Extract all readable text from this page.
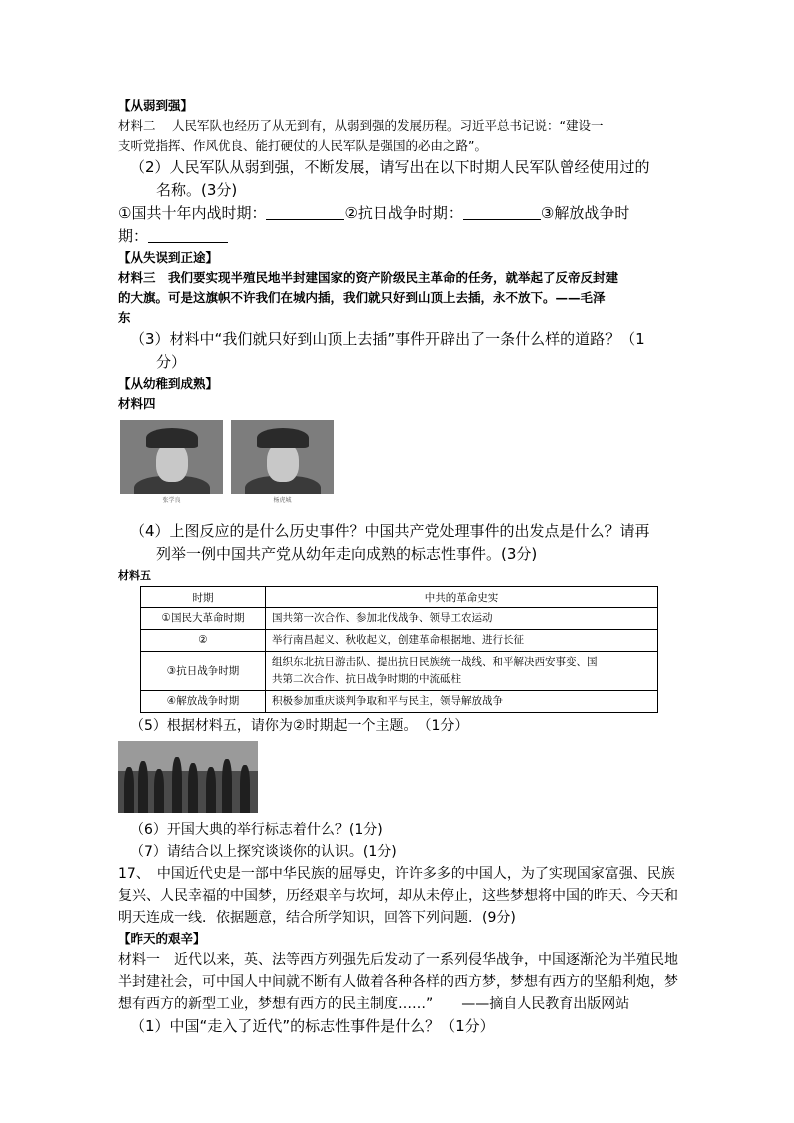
【从弱到强】

材料二　 人民军队也经历了从无到有，从弱到强的发展历程。习近平总书记说：“建设一

支听党指挥、作风优良、能打硬仗的人民军队是强国的必由之路”。

（2）人民军队从弱到强，不断发展，请写出在以下时期人民军队曾经使用过的

名称。(3分)

①国共十年内战时期：	②抗日战争时期：	③解放战争时

期：

【从失误到正途】

材料三　我们要实现半殖民地半封建国家的资产阶级民主革命的任务，就举起了反帝反封建

的大旗。可是这旗帜不许我们在城内插，我们就只好到山顶上去插，永不放下。——毛泽

东

（3）材料中“我们就只好到山顶上去插”事件开辟出了一条什么样的道路？（1

分）

【从幼稚到成熟】

材料四

张学良	杨虎城

（4）上图反应的是什么历史事件？中国共产党处理事件的出发点是什么？请再

列举一例中国共产党从幼年走向成熟的标志性事件。(3分)

材料五

时期	中共的革命史实
①国民大革命时期	国共第一次合作、参加北伐战争、领导工农运动
②	举行南昌起义、秋收起义，创建革命根据地、进行长征
③抗日战争时期	组织东北抗日游击队、提出抗日民族统一战线、和平解决西安事变、国
共第二次合作、抗日战争时期的中流砥柱

④解放战争时期	积极参加重庆谈判争取和平与民主，领导解放战争

（5）根据材料五，请你为②时期起一个主题。　（1分）

（6）开国大典的举行标志着什么？(1分)

（7）请结合以上探究谈谈你的认识。(1分)

17、　中国近代史是一部中华民族的屈辱史，许许多多的中国人，为了实现国家富强、民族

复兴、人民幸福的中国梦，历经艰辛与坎坷，却从未停止，这些梦想将中国的昨天、今天和

明天连成一线．依据题意，结合所学知识，回答下列问题．(9分)

【昨天的艰辛】

材料一　近代以来，英、法等西方列强先后发动了一系列侵华战争，中国逐渐沦为半殖民地

半封建社会，可中国人中间就不断有人做着各种各样的西方梦，梦想有西方的坚船利炮，梦

想有西方的新型工业，梦想有西方的民主制度……”　　——摘自人民教育出版网站

（1）中国“走入了近代”的标志性事件是什么？（1分）
